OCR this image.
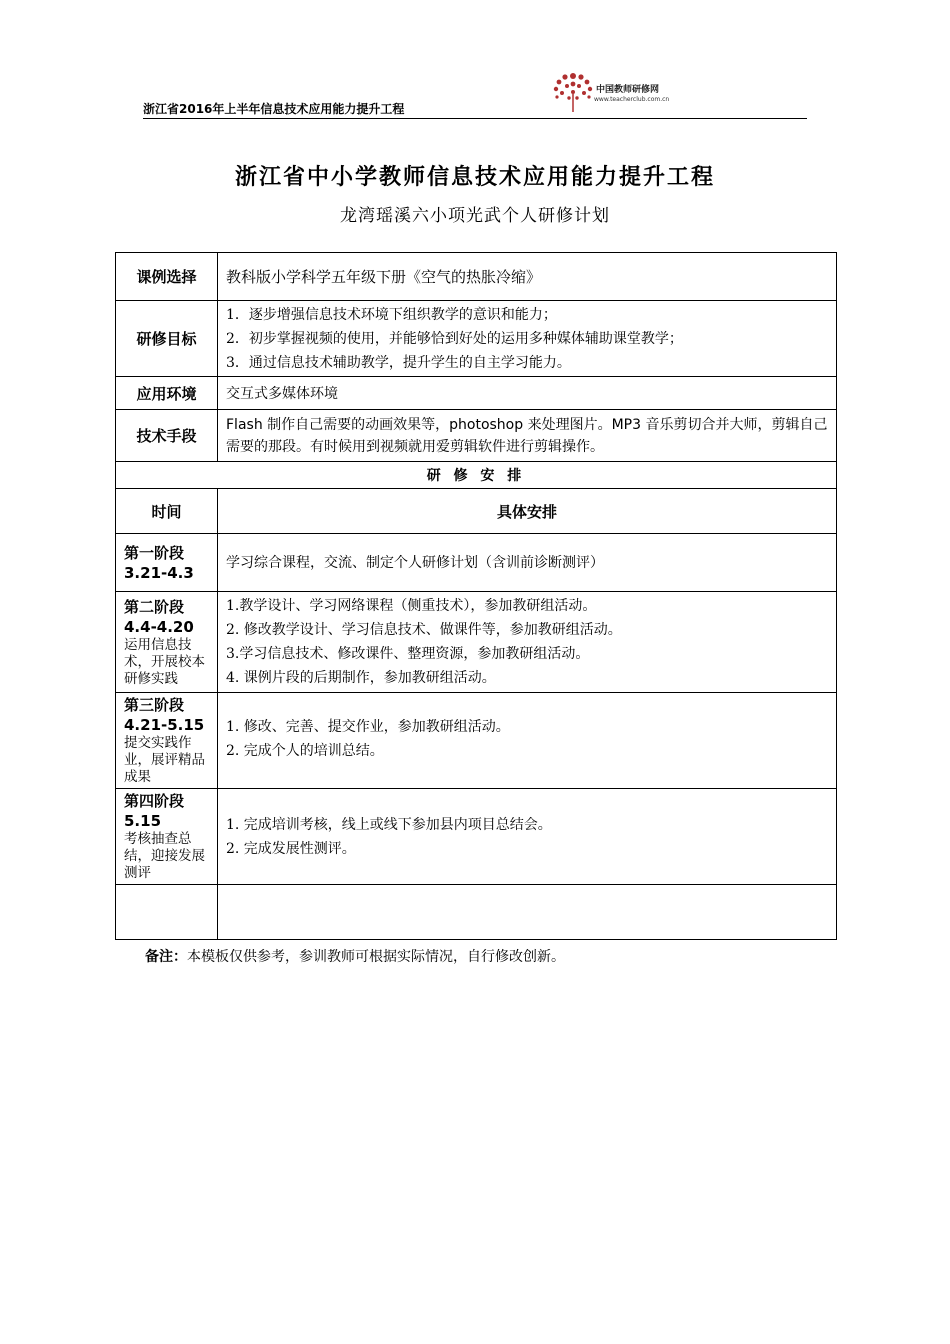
中国教师研修网
www.teacherclub.com.cn
浙江省2016年上半年信息技术应用能力提升工程
浙江省中小学教师信息技术应用能力提升工程
龙湾瑶溪六小项光武个人研修计划
课例选择	教科版小学科学五年级下册《空气的热胀冷缩》
研修目标	1．逐步增强信息技术环境下组织教学的意识和能力；
2．初步掌握视频的使用，并能够恰到好处的运用多种媒体辅助课堂教学；
3．通过信息技术辅助教学，提升学生的自主学习能力。

应用环境	交互式多媒体环境
技术手段	Flash 制作自己需要的动画效果等，photoshop 来处理图片。MP3 音乐剪切合并大师，剪辑自己需要的那段。有时候用到视频就用爱剪辑软件进行剪辑操作。
研 修 安 排	
时间	具体安排

第一阶段
3.21-4.3	学习综合课程，交流、制定个人研修计划（含训前诊断测评）

第二阶段
4.4-4.20
运用信息技术，开展校本研修实践	1.教学设计、学习网络课程（侧重技术），参加教研组活动。
2. 修改教学设计、学习信息技术、做课件等，参加教研组活动。
3.学习信息技术、修改课件、整理资源，参加教研组活动。
4. 课例片段的后期制作，参加教研组活动。

第三阶段
4.21-5.15
提交实践作业，展评精品成果	1. 修改、完善、提交作业，参加教研组活动。
2. 完成个人的培训总结。

第四阶段
5.15
考核抽查总结，迎接发展测评	1. 完成培训考核，线上或线下参加县内项目总结会。
2. 完成发展性测评。

备注：本模板仅供参考，参训教师可根据实际情况，自行修改创新。
